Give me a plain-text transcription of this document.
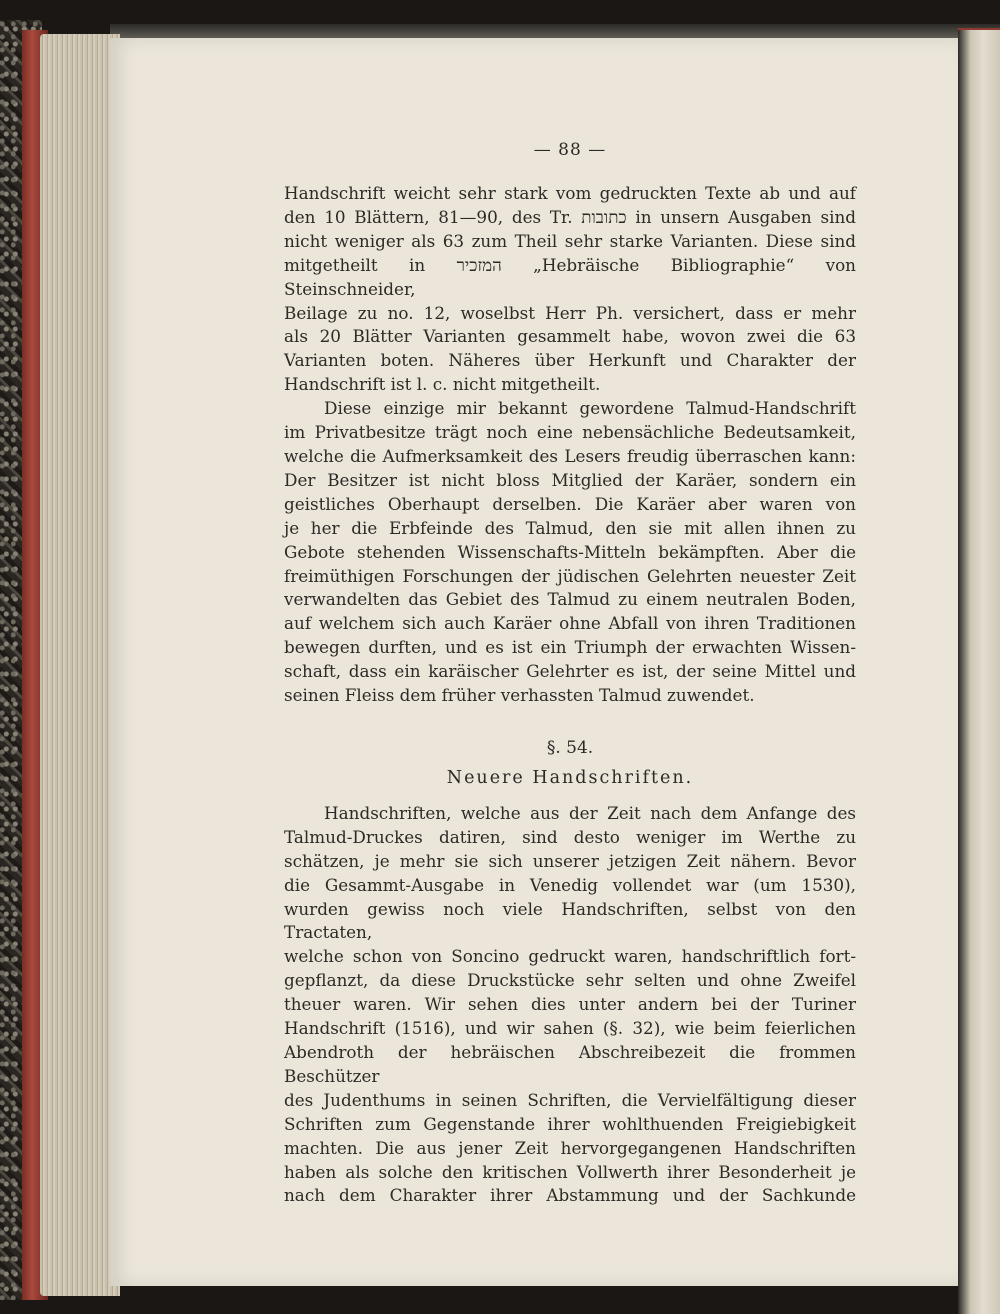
— 88 —

Handschrift weicht sehr stark vom gedruckten Texte ab und auf
den 10 Blättern, 81—90, des Tr. כתובות in unsern Ausgaben sind
nicht weniger als 63 zum Theil sehr starke Varianten. Diese sind
mitgetheilt in המזכיר „Hebräische Bibliographie“ von Steinschneider,
Beilage zu no. 12, woselbst Herr Ph. versichert, dass er mehr
als 20 Blätter Varianten gesammelt habe, wovon zwei die 63
Varianten boten. Näheres über Herkunft und Charakter der
Handschrift ist l. c. nicht mitgetheilt.

Diese einzige mir bekannt gewordene Talmud-Handschrift
im Privatbesitze trägt noch eine nebensächliche Bedeutsamkeit,
welche die Aufmerksamkeit des Lesers freudig überraschen kann:
Der Besitzer ist nicht bloss Mitglied der Karäer, sondern ein
geistliches Oberhaupt derselben. Die Karäer aber waren von
je her die Erbfeinde des Talmud, den sie mit allen ihnen zu
Gebote stehenden Wissenschafts-Mitteln bekämpften. Aber die
freimüthigen Forschungen der jüdischen Gelehrten neuester Zeit
verwandelten das Gebiet des Talmud zu einem neutralen Boden,
auf welchem sich auch Karäer ohne Abfall von ihren Traditionen
bewegen durften, und es ist ein Triumph der erwachten Wissen-
schaft, dass ein karäischer Gelehrter es ist, der seine Mittel und
seinen Fleiss dem früher verhassten Talmud zuwendet.

§. 54.
Neuere Handschriften.

Handschriften, welche aus der Zeit nach dem Anfange des
Talmud-Druckes datiren, sind desto weniger im Werthe zu
schätzen, je mehr sie sich unserer jetzigen Zeit nähern. Bevor
die Gesammt-Ausgabe in Venedig vollendet war (um 1530),
wurden gewiss noch viele Handschriften, selbst von den Tractaten,
welche schon von Soncino gedruckt waren, handschriftlich fort-
gepflanzt, da diese Druckstücke sehr selten und ohne Zweifel
theuer waren. Wir sehen dies unter andern bei der Turiner
Handschrift (1516), und wir sahen (§. 32), wie beim feierlichen
Abendroth der hebräischen Abschreibezeit die frommen Beschützer
des Judenthums in seinen Schriften, die Vervielfältigung dieser
Schriften zum Gegenstande ihrer wohlthuenden Freigiebigkeit
machten. Die aus jener Zeit hervorgegangenen Handschriften
haben als solche den kritischen Vollwerth ihrer Besonderheit je
nach dem Charakter ihrer Abstammung und der Sachkunde
